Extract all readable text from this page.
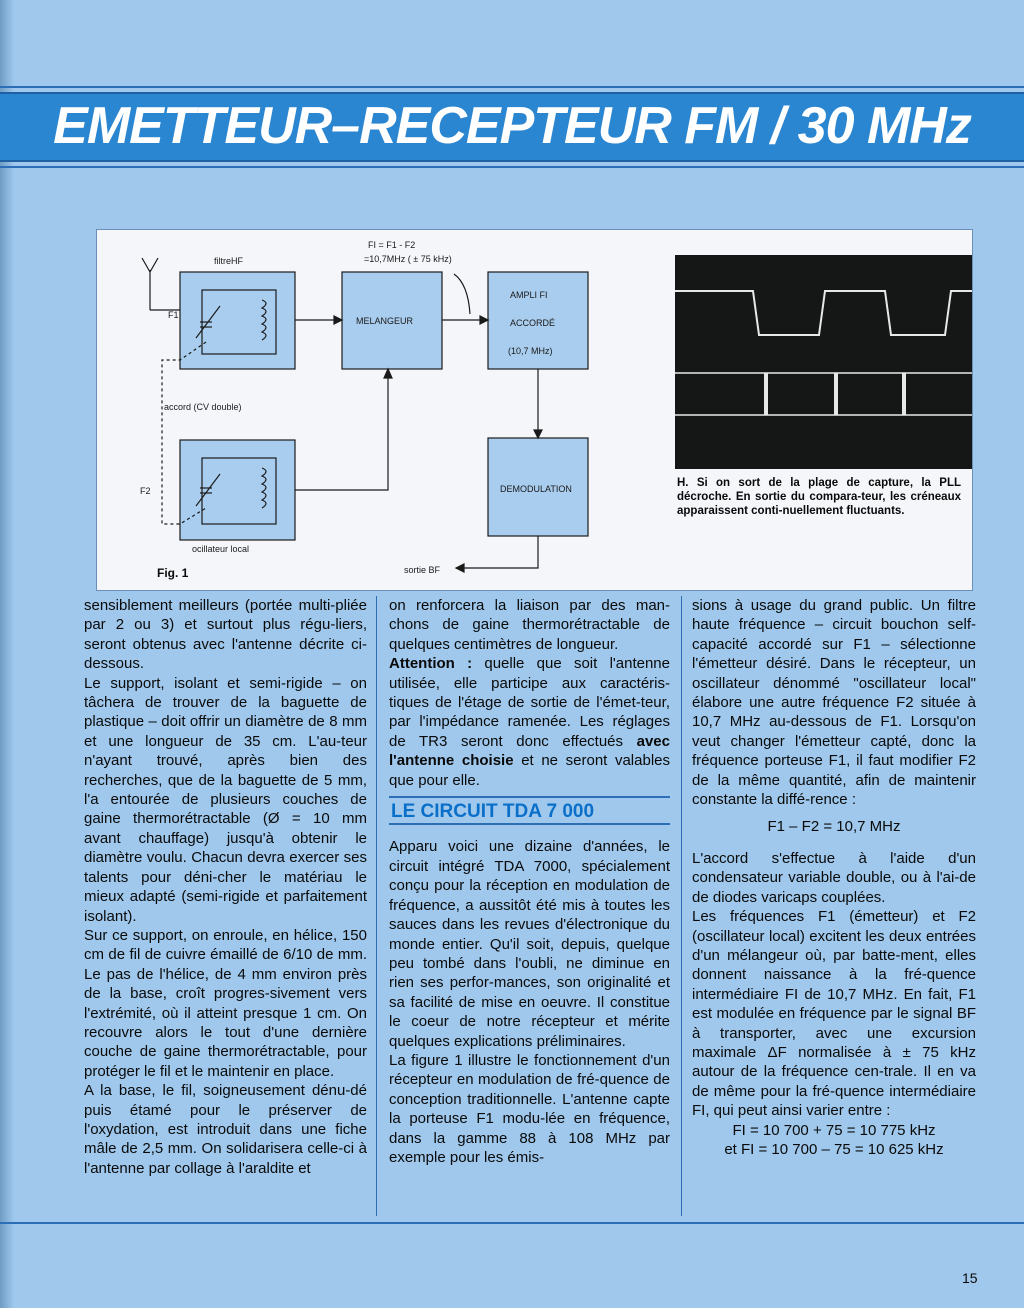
EMETTEUR–RECEPTEUR FM / 30 MHz
filtreHF
F1
F2
FI = F1 - F2
=10,7MHz ( ± 75 kHz)
MELANGEUR
AMPLI FI
ACCORDÉ
(10,7 MHz)
accord (CV double)
DEMODULATION
ocillateur local
sortie BF
Fig. 1
H. Si on sort de la plage de capture, la PLL décroche. En sortie du compara-teur, les créneaux apparaissent conti-nuellement fluctuants.

sensiblement meilleurs (portée multi-pliée par 2 ou 3) et surtout plus régu-liers, seront obtenus avec l'antenne décrite ci-dessous.

Le support, isolant et semi-rigide – on tâchera de trouver de la baguette de plastique – doit offrir un diamètre de 8 mm et une longueur de 35 cm. L'au-teur n'ayant trouvé, après bien des recherches, que de la baguette de 5 mm, l'a entourée de plusieurs couches de gaine thermorétractable (Ø = 10 mm avant chauffage) jusqu'à obtenir le diamètre voulu. Chacun devra exercer ses talents pour déni-cher le matériau le mieux adapté (semi-rigide et parfaitement isolant).

Sur ce support, on enroule, en hélice, 150 cm de fil de cuivre émaillé de 6/10 de mm. Le pas de l'hélice, de 4 mm environ près de la base, croît progres-sivement vers l'extrémité, où il atteint presque 1 cm. On recouvre alors le tout d'une dernière couche de gaine thermorétractable, pour protéger le fil et le maintenir en place.

A la base, le fil, soigneusement dénu-dé puis étamé pour le préserver de l'oxydation, est introduit dans une fiche mâle de 2,5 mm. On solidarisera celle-ci à l'antenne par collage à l'araldite et

on renforcera la liaison par des man-chons de gaine thermorétractable de quelques centimètres de longueur.

Attention : quelle que soit l'antenne utilisée, elle participe aux caractéris-tiques de l'étage de sortie de l'émet-teur, par l'impédance ramenée. Les réglages de TR3 seront donc effectués avec l'antenne choisie et ne seront valables que pour elle.

LE CIRCUIT TDA 7 000

Apparu voici une dizaine d'années, le circuit intégré TDA 7000, spécialement conçu pour la réception en modulation de fréquence, a aussitôt été mis à toutes les sauces dans les revues d'électronique du monde entier. Qu'il soit, depuis, quelque peu tombé dans l'oubli, ne diminue en rien ses perfor-mances, son originalité et sa facilité de mise en oeuvre. Il constitue le coeur de notre récepteur et mérite quelques explications préliminaires.

La figure 1 illustre le fonctionnement d'un récepteur en modulation de fré-quence de conception traditionnelle. L'antenne capte la porteuse F1 modu-lée en fréquence, dans la gamme 88 à 108 MHz par exemple pour les émis-

sions à usage du grand public. Un filtre haute fréquence – circuit bouchon self-capacité accordé sur F1 – sélectionne l'émetteur désiré. Dans le récepteur, un oscillateur dénommé "oscillateur local" élabore une autre fréquence F2 située à 10,7 MHz au-dessous de F1. Lorsqu'on veut changer l'émetteur capté, donc la fréquence porteuse F1, il faut modifier F2 de la même quantité, afin de maintenir constante la diffé-rence :

F1 – F2 = 10,7 MHz

L'accord s'effectue à l'aide d'un condensateur variable double, ou à l'ai-de de diodes varicaps couplées.

Les fréquences F1 (émetteur) et F2 (oscillateur local) excitent les deux entrées d'un mélangeur où, par batte-ment, elles donnent naissance à la fré-quence intermédiaire FI de 10,7 MHz. En fait, F1 est modulée en fréquence par le signal BF à transporter, avec une excursion maximale ΔF normalisée à ± 75 kHz autour de la fréquence cen-trale. Il en va de même pour la fré-quence intermédiaire FI, qui peut ainsi varier entre :

FI = 10 700 + 75 = 10 775 kHz

et FI = 10 700 – 75 = 10 625 kHz

15
